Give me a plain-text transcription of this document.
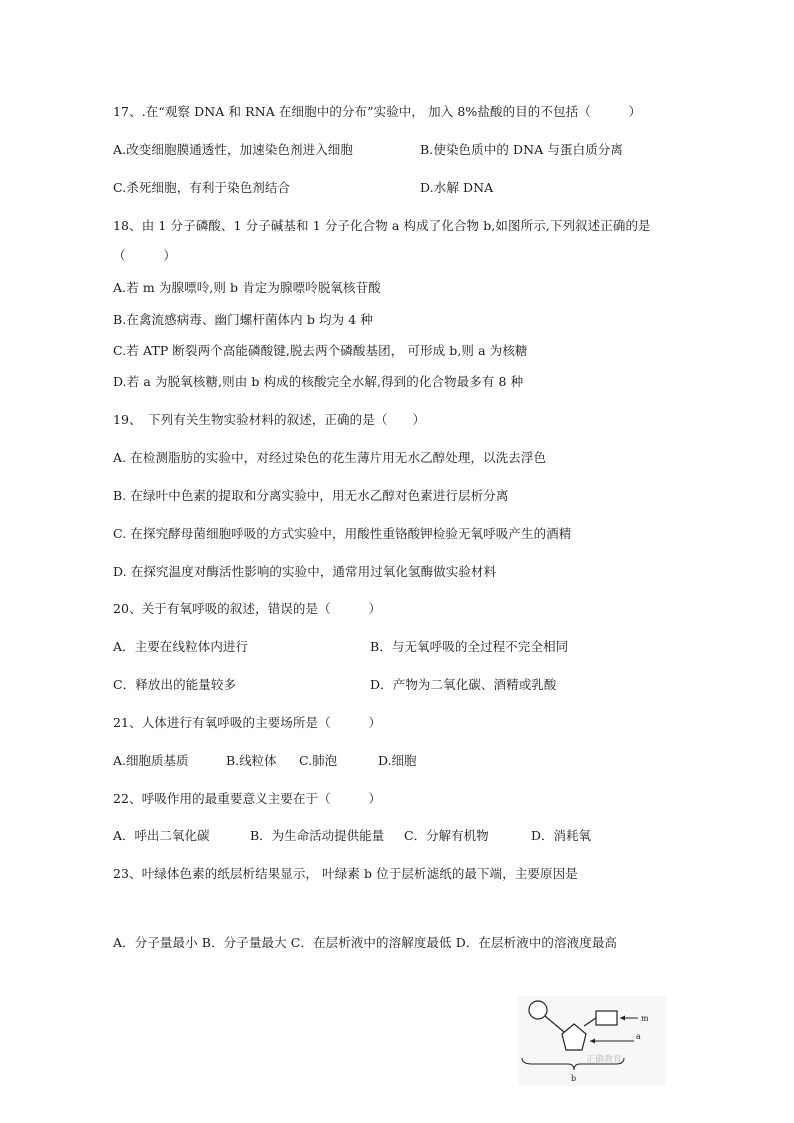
17、.在“观察 DNA 和 RNA 在细胞中的分布”实验中， 加入 8%盐酸的目的不包括（　　　）
A.改变细胞膜通透性，加速染色剂进入细胞	B.使染色质中的 DNA 与蛋白质分离
C.杀死细胞，有利于染色剂结合	D.水解 DNA
18、由 1 分子磷酸、1 分子碱基和 1 分子化合物 a 构成了化合物 b,如图所示,下列叙述正确的是
（　　　）
A.若 m 为腺嘌呤,则 b 肯定为腺嘌呤脱氧核苷酸
B.在禽流感病毒、幽门螺杆菌体内 b 均为 4 种
C.若 ATP 断裂两个高能磷酸键,脱去两个磷酸基团， 可形成 b,则 a 为核糖
D.若 a 为脱氧核糖,则由 b 构成的核酸完全水解,得到的化合物最多有 8 种
19、　下列有关生物实验材料的叙述，正确的是（　　）
A. 在检测脂肪的实验中，对经过染色的花生薄片用无水乙醇处理，以洗去浮色
B. 在绿叶中色素的提取和分离实验中，用无水乙醇对色素进行层析分离
C. 在探究酵母菌细胞呼吸的方式实验中，用酸性重铬酸钾检验无氧呼吸产生的酒精
D. 在探究温度对酶活性影响的实验中，通常用过氧化氢酶做实验材料
20、关于有氧呼吸的叙述，错误的是（　　　）
A．主要在线粒体内进行	B．与无氧呼吸的全过程不完全相同
C．释放出的能量较多	D．产物为二氧化碳、酒精或乳酸
21、人体进行有氧呼吸的主要场所是（　　　）
A.细胞质基质	B.线粒体 C.肺泡	D.细胞
22、呼吸作用的最重要意义主要在于（　　　）
A．呼出二氧化碳	B．为生命活动提供能量 C．分解有机物	D．消耗氧
23、叶绿体色素的纸层析结果显示， 叶绿素 b 位于层析滤纸的最下端，主要原因是
A．分子量最小 B．分子量最大 C．在层析液中的溶解度最低 D．在层析液中的溶液度最高
m
a
正确教育
b
